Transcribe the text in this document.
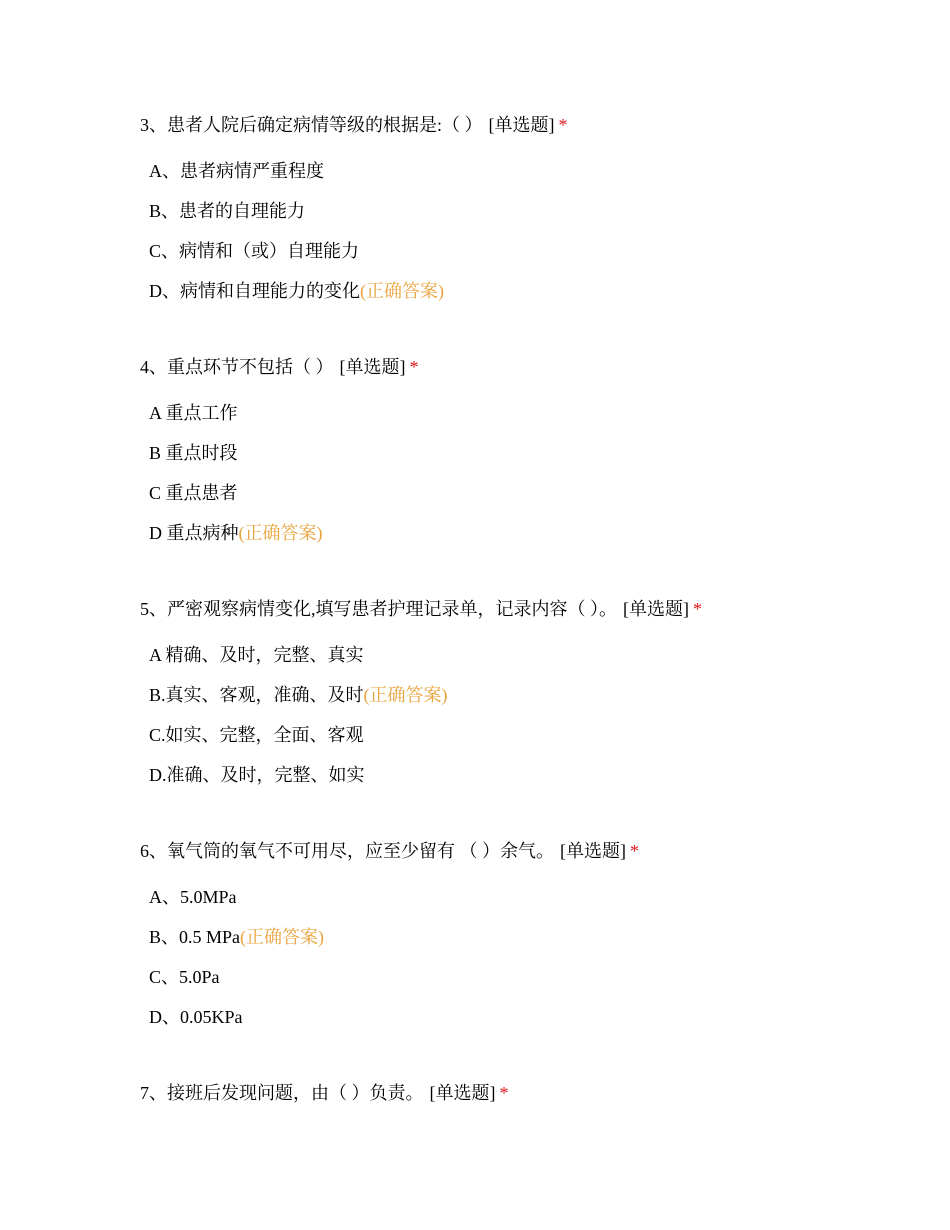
3、患者人院后确定病情等级的根据是:（ ） [单选题] *
A、患者病情严重程度
B、患者的自理能力
C、病情和（或）自理能力
D、病情和自理能力的变化(正确答案)
4、重点环节不包括（ ） [单选题] *
A 重点工作
B 重点时段
C 重点患者
D 重点病种(正确答案)
5、严密观察病情变化,填写患者护理记录单，记录内容（ ）。 [单选题] *
A 精确、及时，完整、真实
B.真实、客观，准确、及时(正确答案)
C.如实、完整，全面、客观
D.准确、及时，完整、如实
6、氧气筒的氧气不可用尽，应至少留有 （ ）余气。 [单选题] *
A、5.0MPa
B、0.5 MPa(正确答案)
C、5.0Pa
D、0.05KPa
7、接班后发现问题，由（ ）负责。 [单选题] *
